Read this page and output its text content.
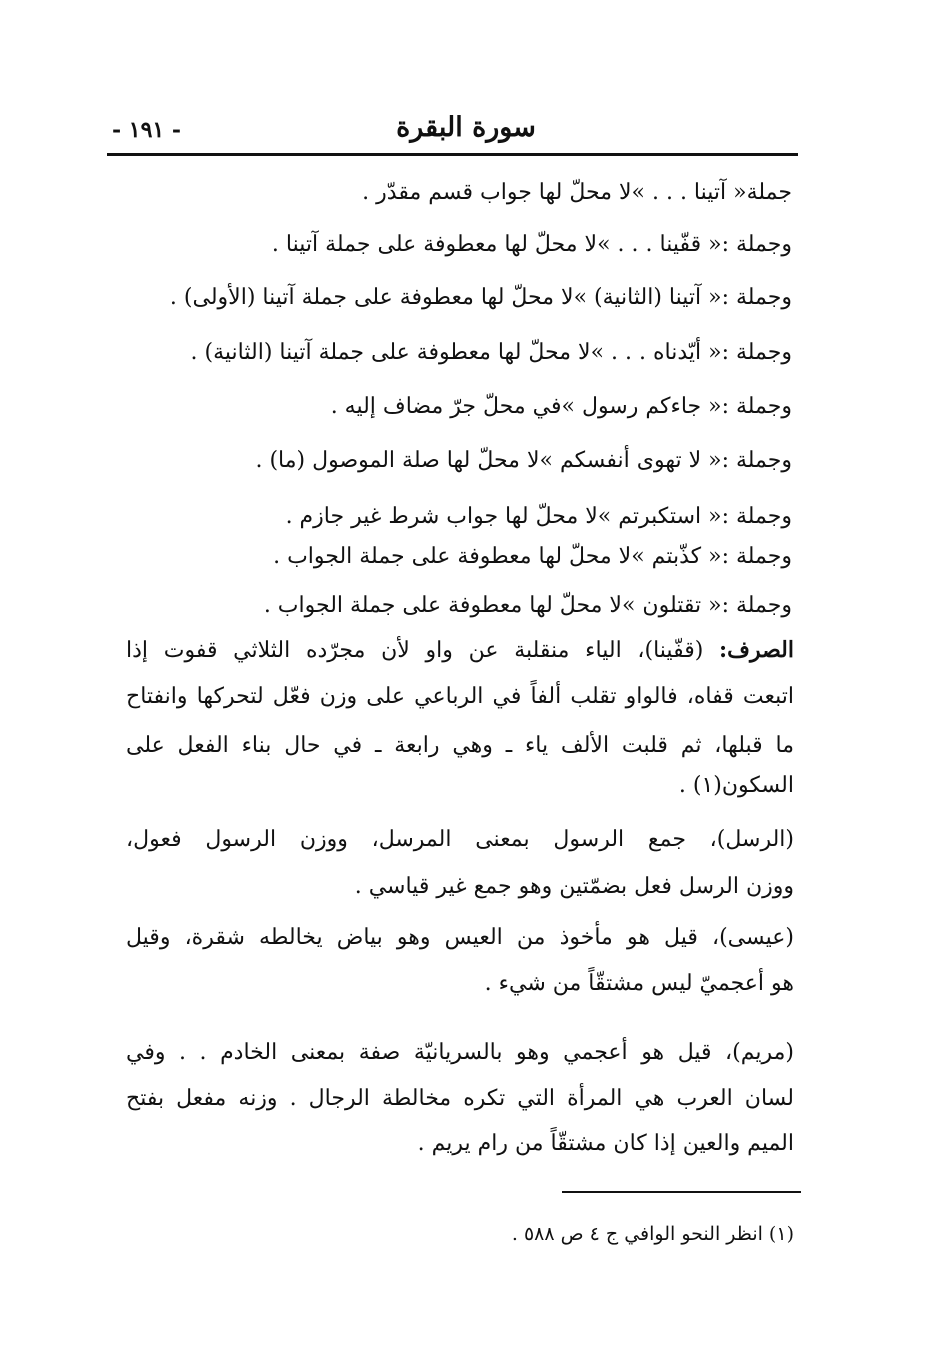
سورة البقرة
- ١٩١ -
جملة« آتينا . . . »لا محلّ لها جواب قسم مقدّر .
وجملة :« قفّينا . . . »لا محلّ لها معطوفة على جملة آتينا .
وجملة :« آتينا (الثانية) »لا محلّ لها معطوفة على جملة آتينا (الأولى) .
وجملة :« أيّدناه . . . »لا محلّ لها معطوفة على جملة آتينا (الثانية) .
وجملة :« جاءكم رسول »في محلّ جرّ مضاف إليه .
وجملة :« لا تهوى أنفسكم »لا محلّ لها صلة الموصول (ما) .
وجملة :« استكبرتم »لا محلّ لها جواب شرط غير جازم .
وجملة :« كذّبتم »لا محلّ لها معطوفة على جملة الجواب .
وجملة :« تقتلون »لا محلّ لها معطوفة على جملة الجواب .
الصرف: (قفّينا)، الياء منقلبة عن واو لأن مجرّده الثلاثي قفوت إذا
اتبعت قفاه، فالواو تقلب ألفاً في الرباعي على وزن فعّل لتحركها وانفتاح
ما قبلها، ثم قلبت الألف ياء ـ وهي رابعة ـ في حال بناء الفعل على
السكون(١) .
(الرسل)، جمع الرسول بمعنى المرسل، ووزن الرسول فعول،
ووزن الرسل فعل بضمّتين وهو جمع غير قياسي .
(عيسى)، قيل هو مأخوذ من العيس وهو بياض يخالطه شقرة، وقيل
هو أعجميّ ليس مشتقّاً من شيء .
(مريم)، قيل هو أعجمي وهو بالسريانيّة صفة بمعنى الخادم . . وفي
لسان العرب هي المرأة التي تكره مخالطة الرجال . وزنه مفعل بفتح
الميم والعين إذا كان مشتقّاً من رام يريم .
(١) انظر النحو الوافي ج ٤ ص ٥٨٨ .
